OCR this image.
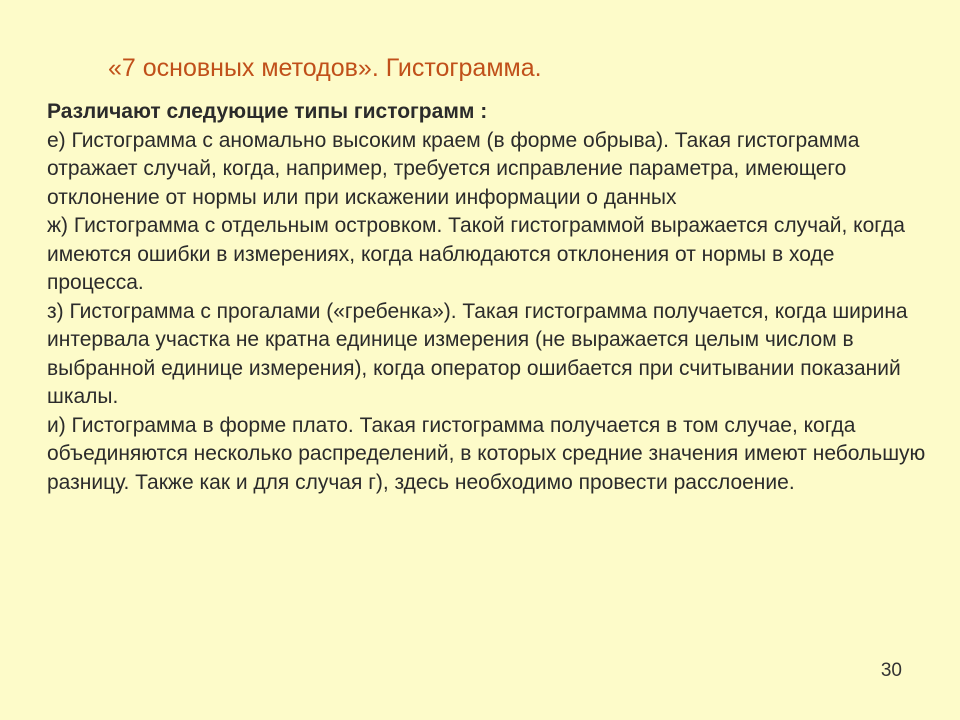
«7 основных методов». Гистограмма.

Различают следующие типы гистограмм :

е) Гистограмма с аномально высоким краем (в форме обрыва). Такая гистограмма отражает случай, когда, например, требуется исправление параметра, имеющего отклонение от нормы или при искажении информации о данных

ж) Гистограмма с отдельным островком. Такой гистограммой выражается случай, когда имеются ошибки в измерениях, когда наблюдаются отклонения от нормы в ходе процесса.

з) Гистограмма с прогалами («гребенка»). Такая гистограмма получается, когда ширина интервала участка не кратна единице измерения (не выражается целым числом в выбранной единице измерения), когда оператор ошибается при считывании показаний шкалы.

и) Гистограмма в форме плато. Такая гистограмма получается в том случае, когда объединяются несколько распределений, в которых средние значения имеют небольшую разницу. Также как и для случая г), здесь необходимо провести расслоение.

30
